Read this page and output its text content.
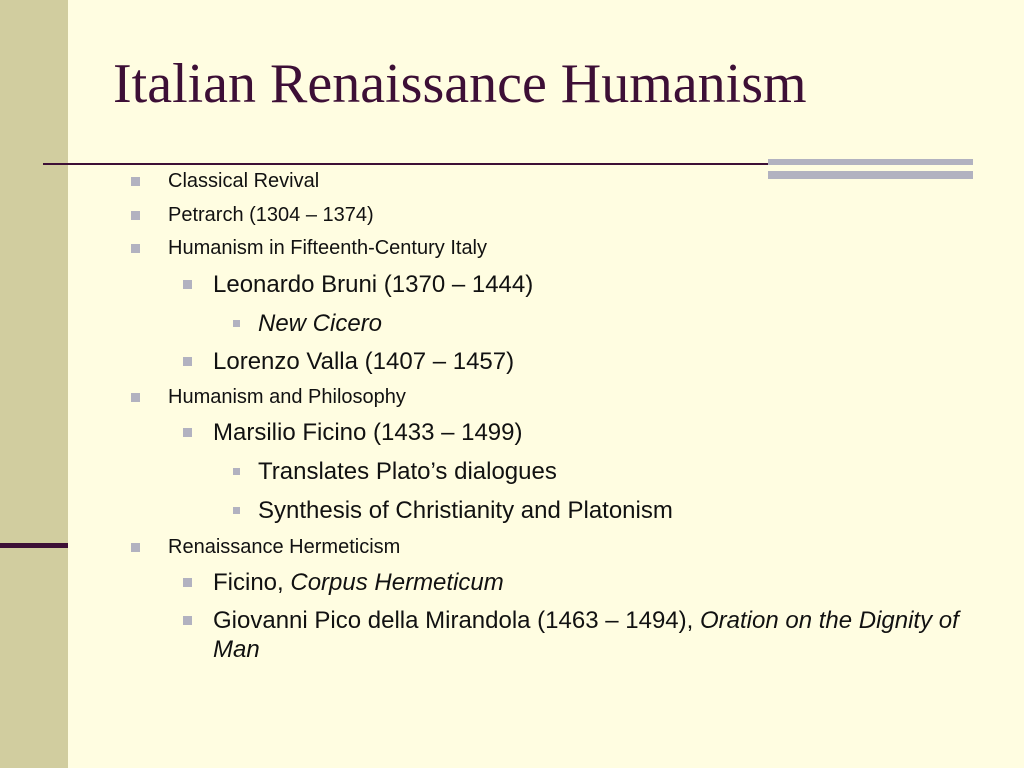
Italian Renaissance Humanism
Classical Revival
Petrarch (1304 – 1374)
Humanism in Fifteenth-Century Italy
Leonardo Bruni (1370 – 1444)
New Cicero
Lorenzo Valla (1407 – 1457)
Humanism and Philosophy
Marsilio Ficino (1433 – 1499)
Translates Plato’s dialogues
Synthesis of Christianity and Platonism
Renaissance Hermeticism
Ficino, Corpus Hermeticum
Giovanni Pico della Mirandola (1463 – 1494), Oration on the Dignity of Man
